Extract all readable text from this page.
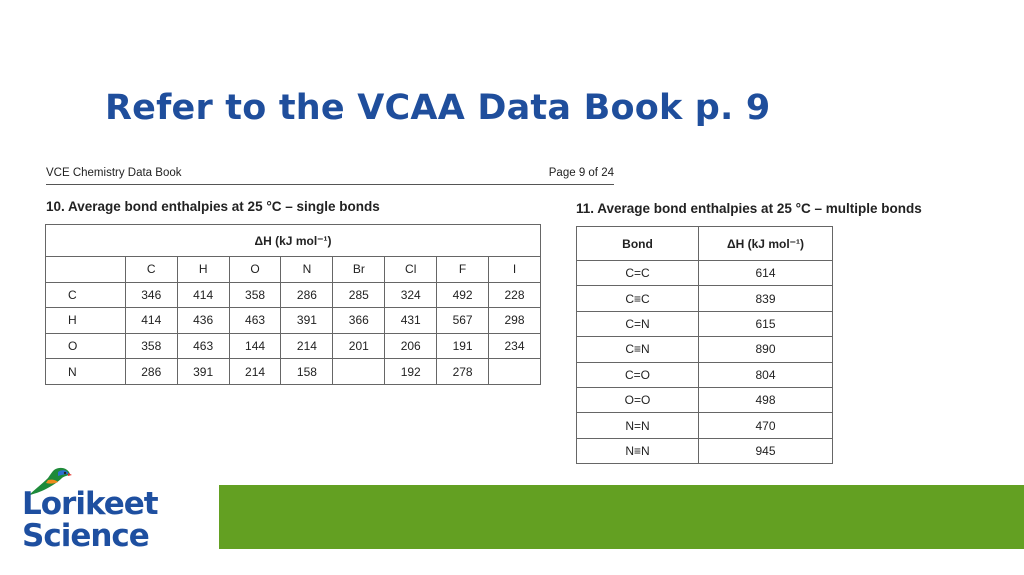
Refer to the VCAA Data Book p. 9
VCE Chemistry Data Book	Page 9 of 24
10. Average bond enthalpies at 25 °C – single bonds
ΔH (kJ mol⁻¹)								
	C	H	O	N	Br	Cl	F	I
C	346	414	358	286	285	324	492	228
H	414	436	463	391	366	431	567	298
O	358	463	144	214	201	206	191	234
N	286	391	214	158		192	278	
11. Average bond enthalpies at 25 °C – multiple bonds
Bond	ΔH (kJ mol⁻¹)
C=C	614
C≡C	839
C=N	615
C≡N	890
C=O	804
O=O	498
N=N	470
N≡N	945
Lorikeet
Science
